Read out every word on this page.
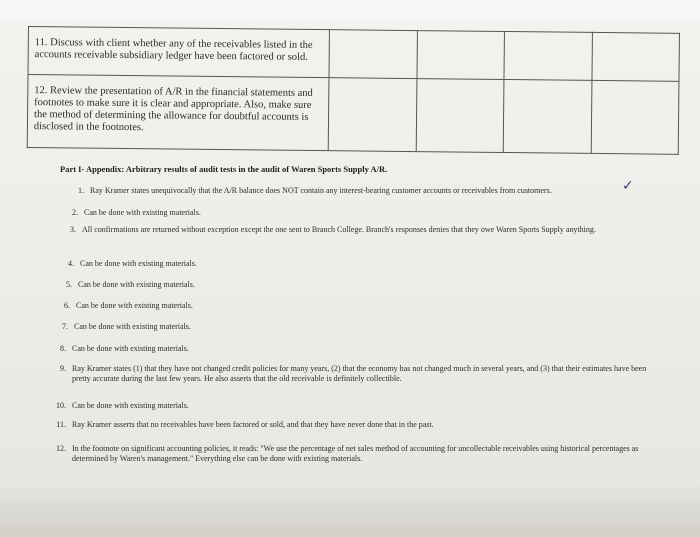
11. Discuss with client whether any of the receivables listed in the accounts receivable subsidiary ledger have been factored or sold.				
12. Review the presentation of A/R in the financial statements and footnotes to make sure it is clear and appropriate. Also, make sure the method of determining the allowance for doubtful accounts is disclosed in the footnotes.				
Part I- Appendix: Arbitrary results of audit tests in the audit of Waren Sports Supply A/R.
1. Ray Kramer states unequivocally that the A/R balance does NOT contain any interest-bearing customer accounts or receivables from customers.	✓
2. Can be done with existing materials.
3. All confirmations are returned without exception except the one sent to Branch College. Branch's responses denies that they owe Waren Sports Supply anything.
4. Can be done with existing materials.
5. Can be done with existing materials.
6. Can be done with existing materials.
7. Can be done with existing materials.
8. Can be done with existing materials.
9. Ray Kramer states (1) that they have not changed credit policies for many years, (2) that the economy has not changed much in several years, and (3) that their estimates have been pretty accurate during the last few years. He also asserts that the old receivable is definitely collectible.
10. Can be done with existing materials.
11. Ray Kramer asserts that no receivables have been factored or sold, and that they have never done that in the past.
12. In the footnote on significant accounting policies, it reads: "We use the percentage of net sales method of accounting for uncollectable receivables using historical percentages as determined by Waren's management." Everything else can be done with existing materials.
